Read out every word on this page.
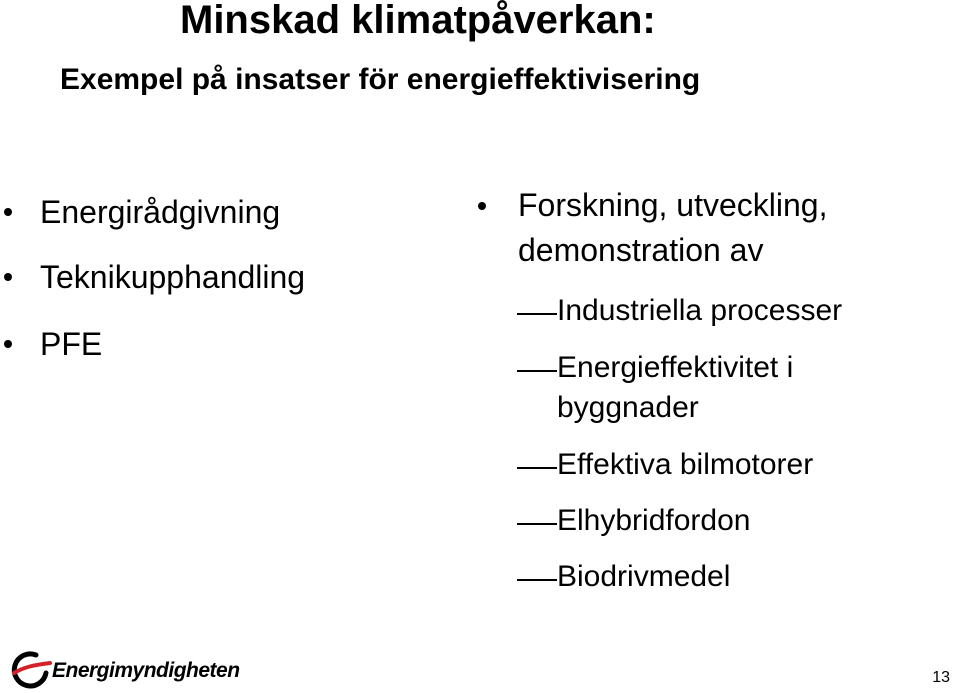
Minskad klimatpåverkan:
Exempel på insatser för energieffektivisering
Energirådgivning
Teknikupphandling
PFE
Forskning, utveckling,
demonstration av
Industriella processer
Energieffektivitet i
byggnader
Effektiva bilmotorer
Elhybridfordon
Biodrivmedel
Energimyndigheten	13
